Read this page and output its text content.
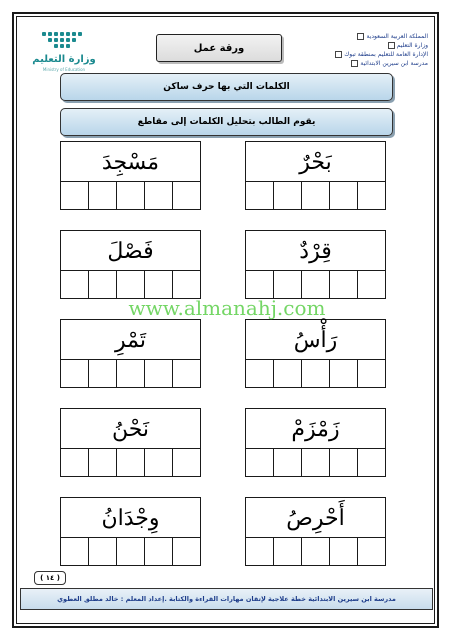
وزارة التعليم
Ministry of Education
ورقة عمل
المملكة العربية السعودية
وزارة التعليم
الإدارة العامة للتعليم بمنطقة تبوك
مدرسة ابن سيرين الابتدائية
الكلمات التي بها حرف ساكن
يقوم الطالب بتحليل الكلمات إلى مقاطع
بَحْرٌ
مَسْجِدَ
قِرْدٌ
فَصْلَ
رَأْسُ
تَمْرِ
زَمْزَمْ
نَحْنُ
أَحْرِصُ
وِجْدَانُ
www.almanahj.com
( ١٤ )
مدرسة ابن سيرين الابتدائية خطة علاجية لإتقان مهارات القراءة والكتابة .إعداد المعلم : خالد مطلق العطوي
